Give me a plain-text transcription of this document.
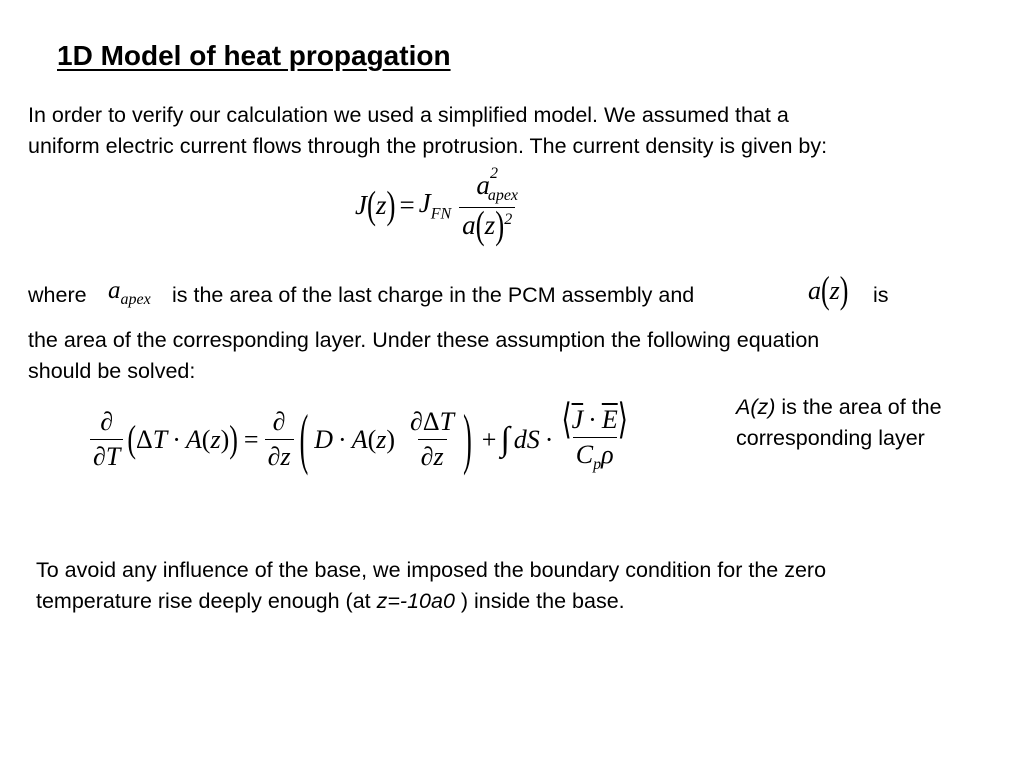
1D Model of heat propagation
In order to verify our calculation we used a simplified model. We assumed that a
uniform electric current flows through the protrusion. The current density is given by:
J ( z ) = $J_{FN} \frac{a_{apex}^2}{a(z)^2}$
where $a_{apex}$ is the area of the last charge in the PCM assembly and	a(z) is
the area of the corresponding layer. Under these assumption the following equation
should be solved:
$\frac{\partial}{\partial T}$ ( Δ T · A ( z ) ) = $\frac{\partial}{\partial z}$ ( D · A ( z ) $\frac{\partial\Delta T}{\partial z}$ ) + ∫ dS · $\frac{⟨\overline{J} \cdot \overline{E}⟩}{C_p\rho}$	A(z) is the area of the
corresponding layer
To avoid any influence of the base, we imposed the boundary condition for the zero
temperature rise deeply enough (at z=-10a0 ) inside the base.
